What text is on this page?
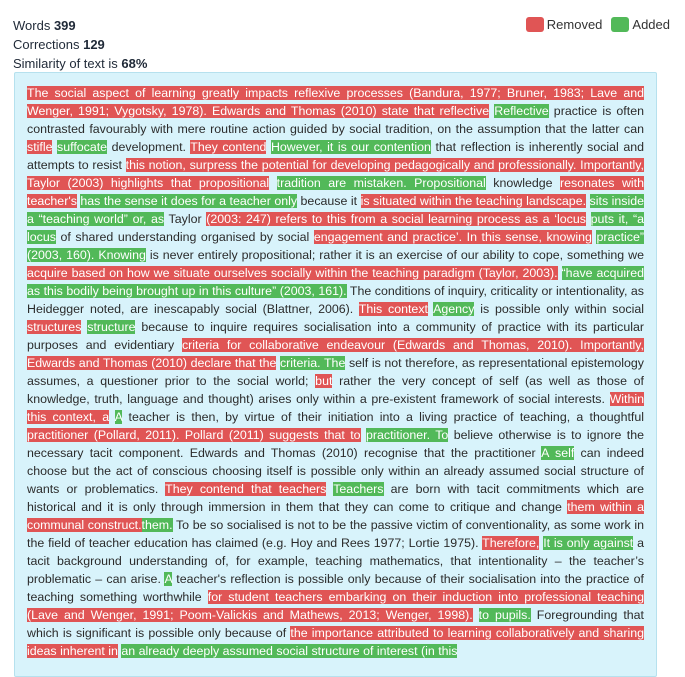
Words 399
Corrections 129
Similarity of text is 68%
Removed Added
The social aspect of learning greatly impacts reflexive processes (Bandura, 1977; Bruner, 1983; Lave and Wenger, 1991; Vygotsky, 1978). Edwards and Thomas (2010) state that reflective Reflective practice is often contrasted favourably with mere routine action guided by social tradition, on the assumption that the latter can stifle suffocate development. They contend However, it is our contention that reflection is inherently social and attempts to resist this notion, surpress the potential for developing pedagogically and professionally. Importantly, Taylor (2003) highlights that propositional tradition are mistaken. Propositional knowledge resonates with teacher's has the sense it does for a teacher only because it is situated within the teaching landscape. sits inside a “teaching world” or, as Taylor (2003: 247) refers to this from a social learning process as a ‘locus puts it, “a locus of shared understanding organised by social engagement and practice’. In this sense, knowing practice” (2003, 160). Knowing is never entirely propositional; rather it is an exercise of our ability to cope, something we acquire based on how we situate ourselves socially within the teaching paradigm (Taylor, 2003). “have acquired as this bodily being brought up in this culture” (2003, 161). The conditions of inquiry, criticality or intentionality, as Heidegger noted, are inescapably social (Blattner, 2006). This context Agency is possible only within social structures structure because to inquire requires socialisation into a community of practice with its particular purposes and evidentiary criteria for collaborative endeavour (Edwards and Thomas, 2010). Importantly, Edwards and Thomas (2010) declare that the criteria. The self is not therefore, as representational epistemology assumes, a questioner prior to the social world; but rather the very concept of self (as well as those of knowledge, truth, language and thought) arises only within a pre-existent framework of social interests. Within this context, a A teacher is then, by virtue of their initiation into a living practice of teaching, a thoughtful practitioner (Pollard, 2011). Pollard (2011) suggests that to practitioner. To believe otherwise is to ignore the necessary tacit component. Edwards and Thomas (2010) recognise that the practitioner A self can indeed choose but the act of conscious choosing itself is possible only within an already assumed social structure of wants or problematics. They contend that teachers Teachers are born with tacit commitments which are historical and it is only through immersion in them that they can come to critique and change them within a communal construct.them. To be so socialised is not to be the passive victim of conventionality, as some work in the field of teacher education has claimed (e.g. Hoy and Rees 1977; Lortie 1975). Therefore, It is only against a tacit background understanding of, for example, teaching mathematics, that intentionality – the teacher’s problematic – can arise. A teacher's reflection is possible only because of their socialisation into the practice of teaching something worthwhile for student teachers embarking on their induction into professional teaching (Lave and Wenger, 1991; Poom-Valickis and Mathews, 2013; Wenger, 1998). to pupils. Foregrounding that which is significant is possible only because of the importance attributed to learning collaboratively and sharing ideas inherent in an already deeply assumed social structure of interest (in this
